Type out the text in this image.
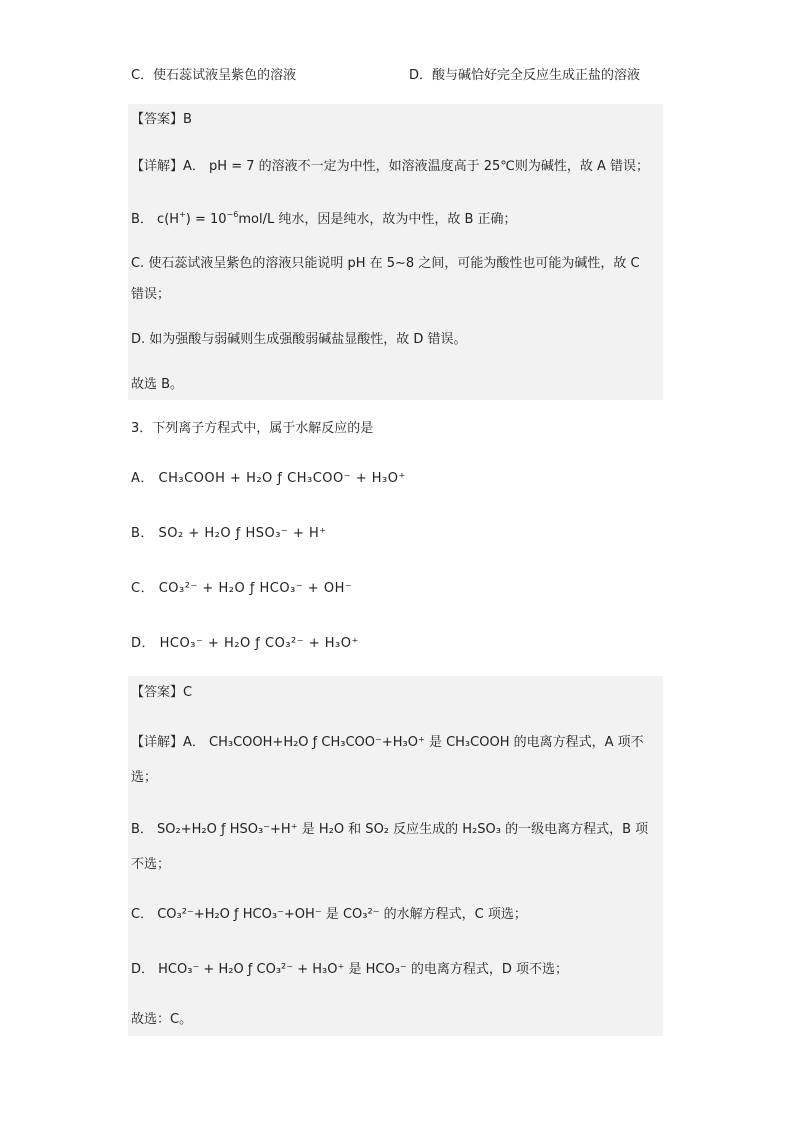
C．使石蕊试液呈紫色的溶液	D．酸与碱恰好完全反应生成正盐的溶液
【答案】B
【详解】A． pH = 7 的溶液不一定为中性，如溶液温度高于 25℃则为碱性，故 A 错误；
B． $c(H^+) = 10^{-6}mol/L$ 纯水，因是纯水，故为中性，故 B 正确；
C. 使石蕊试液呈紫色的溶液只能说明 pH 在 5∼8 之间，可能为酸性也可能为碱性，故 C
错误；
D. 如为强酸与弱碱则生成强酸弱碱盐显酸性，故 D 错误。
故选 B。
3．下列离子方程式中，属于水解反应的是
A． CH₃COOH + H₂O ƒ CH₃COO⁻ + H₃O⁺
B． SO₂ + H₂O ƒ HSO₃⁻ + H⁺
C． CO₃²⁻ + H₂O ƒ HCO₃⁻ + OH⁻
D． HCO₃⁻ + H₂O ƒ CO₃²⁻ + H₃O⁺
【答案】C
【详解】A． CH₃COOH+H₂O ƒ CH₃COO⁻+H₃O⁺ 是 CH₃COOH 的电离方程式，A 项不
选；
B． SO₂+H₂O ƒ HSO₃⁻+H⁺ 是 H₂O 和 SO₂ 反应生成的 H₂SO₃ 的一级电离方程式，B 项
不选；
C． CO₃²⁻+H₂O ƒ HCO₃⁻+OH⁻ 是 CO₃²⁻ 的水解方程式，C 项选；
D． HCO₃⁻ + H₂O ƒ CO₃²⁻ + H₃O⁺ 是 HCO₃⁻ 的电离方程式，D 项不选；
故选：C。
